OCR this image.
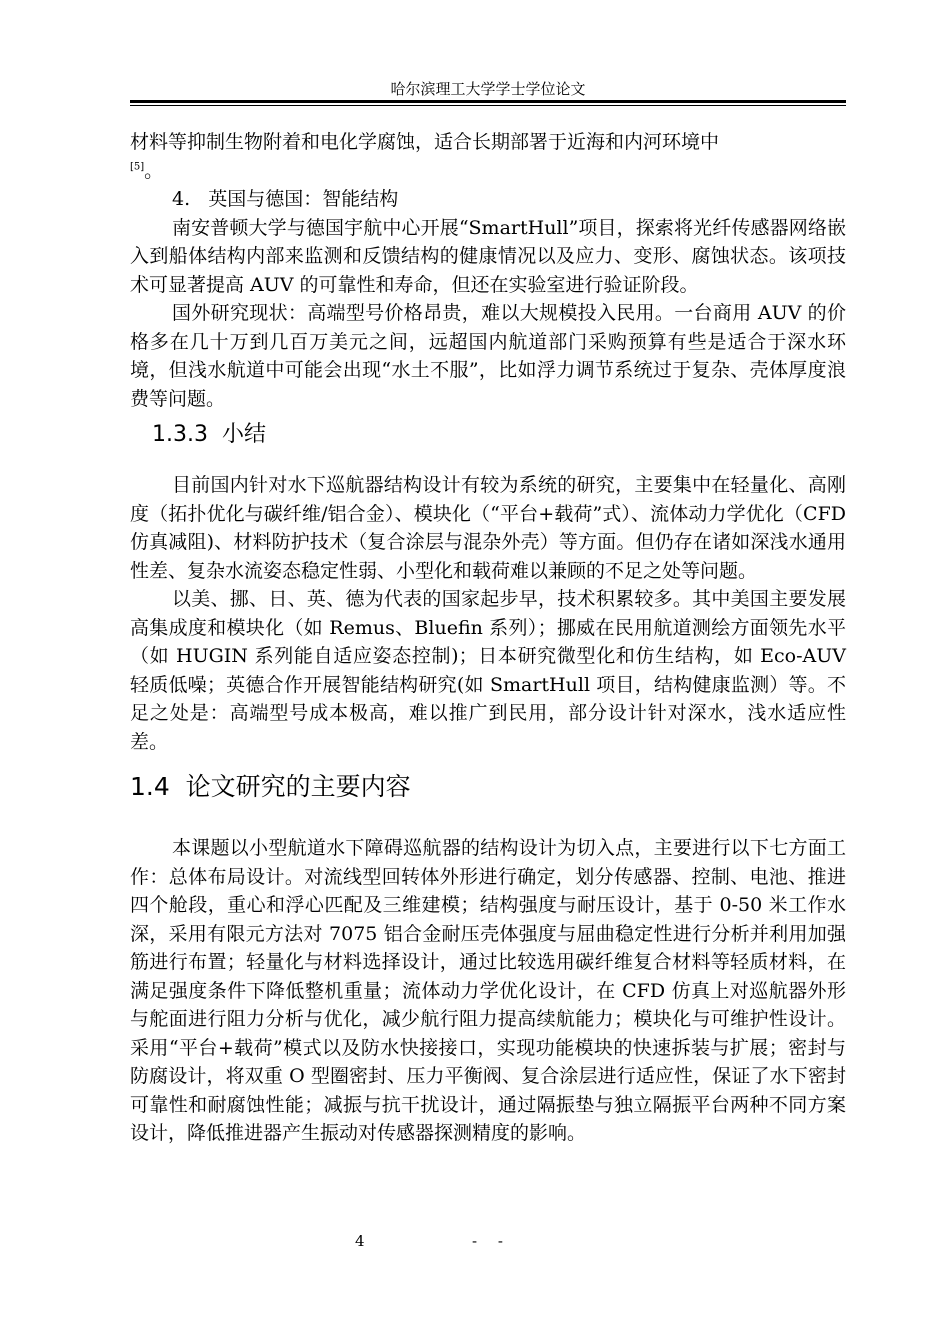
哈尔滨理工大学学士学位论文

材料等抑制生物附着和电化学腐蚀，适合长期部署于近海和内河环境中
[5]。

4. 英国与德国：智能结构

南安普顿大学与德国宇航中心开展“SmartHull”项目，探索将光纤传感器网络嵌入到船体结构内部来监测和反馈结构的健康情况以及应力、变形、腐蚀状态。该项技术可显著提高 AUV 的可靠性和寿命，但还在实验室进行验证阶段。

国外研究现状：高端型号价格昂贵，难以大规模投入民用。一台商用 AUV 的价格多在几十万到几百万美元之间，远超国内航道部门采购预算有些是适合于深水环境，但浅水航道中可能会出现“水土不服”，比如浮力调节系统过于复杂、壳体厚度浪费等问题。

1.3.3 小结

目前国内针对水下巡航器结构设计有较为系统的研究，主要集中在轻量化、高刚度（拓扑优化与碳纤维/铝合金）、模块化（“平台+载荷”式）、流体动力学优化（CFD 仿真减阻)、材料防护技术（复合涂层与混杂外壳）等方面。但仍存在诸如深浅水通用性差、复杂水流姿态稳定性弱、小型化和载荷难以兼顾的不足之处等问题。

以美、挪、日、英、德为代表的国家起步早，技术积累较多。其中美国主要发展高集成度和模块化（如 Remus、Bluefin 系列）；挪威在民用航道测绘方面领先水平（如 HUGIN 系列能自适应姿态控制)；日本研究微型化和仿生结构，如 Eco-AUV 轻质低噪；英德合作开展智能结构研究(如 SmartHull 项目，结构健康监测）等。不足之处是：高端型号成本极高，难以推广到民用，部分设计针对深水，浅水适应性差。

1.4 论文研究的主要内容

本课题以小型航道水下障碍巡航器的结构设计为切入点，主要进行以下七方面工作：总体布局设计。对流线型回转体外形进行确定，划分传感器、控制、电池、推进四个舱段，重心和浮心匹配及三维建模；结构强度与耐压设计，基于 0-50 米工作水深，采用有限元方法对 7075 铝合金耐压壳体强度与屈曲稳定性进行分析并利用加强筋进行布置；轻量化与材料选择设计，通过比较选用碳纤维复合材料等轻质材料，在满足强度条件下降低整机重量；流体动力学优化设计，在 CFD 仿真上对巡航器外形与舵面进行阻力分析与优化，减少航行阻力提高续航能力；模块化与可维护性设计。采用“平台+载荷”模式以及防水快接接口，实现功能模块的快速拆装与扩展；密封与防腐设计，将双重 O 型圈密封、压力平衡阀、复合涂层进行适应性，保证了水下密封可靠性和耐腐蚀性能；减振与抗干扰设计，通过隔振垫与独立隔振平台两种不同方案设计，降低推进器产生振动对传感器探测精度的影响。

4	- -
